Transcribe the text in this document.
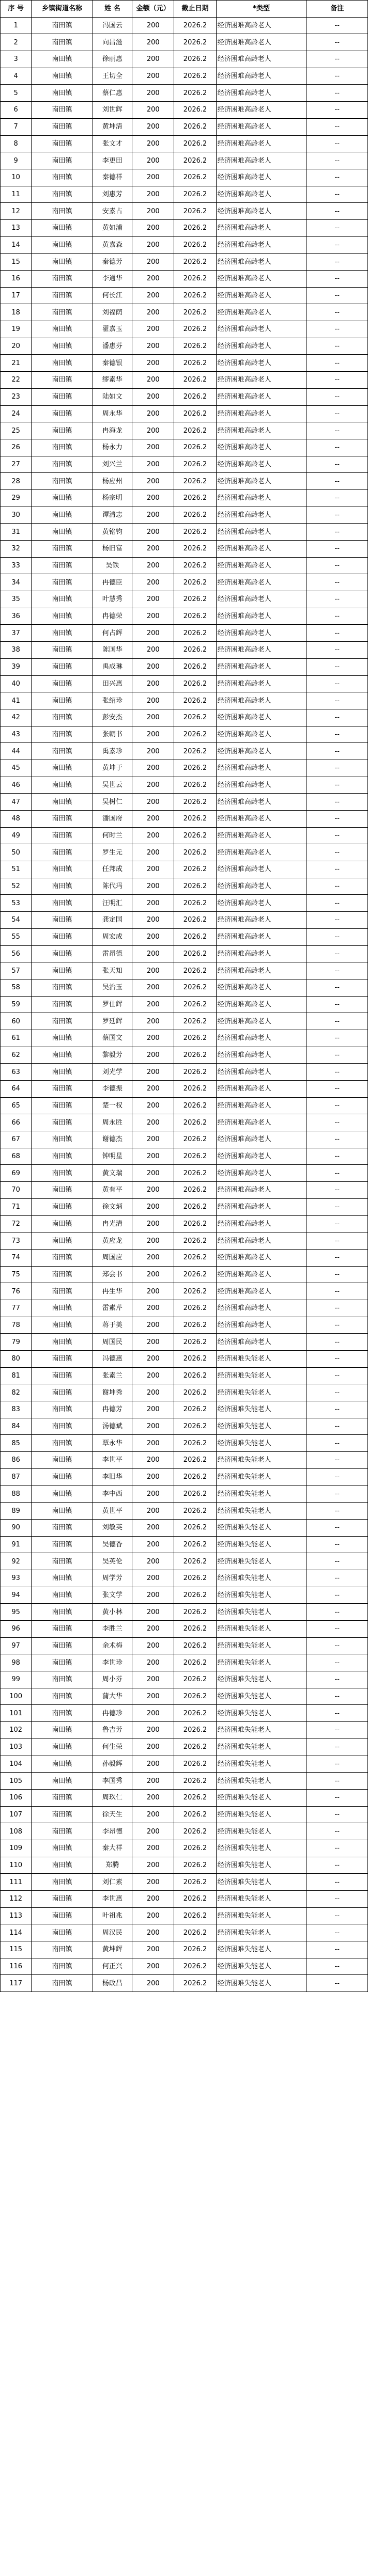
序 号	乡镇街道名称	姓 名	金额（元）	截止日期	*类型	备注
1	南田镇	冯国云	200	2026.2	经济困难高龄老人	--
2	南田镇	向昌滋	200	2026.2	经济困难高龄老人	--
3	南田镇	徐丽惠	200	2026.2	经济困难高龄老人	--
4	南田镇	王切全	200	2026.2	经济困难高龄老人	--
5	南田镇	蔡仁惠	200	2026.2	经济困难高龄老人	--
6	南田镇	刘世辉	200	2026.2	经济困难高龄老人	--
7	南田镇	黄坤清	200	2026.2	经济困难高龄老人	--
8	南田镇	张文才	200	2026.2	经济困难高龄老人	--
9	南田镇	李更田	200	2026.2	经济困难高龄老人	--
10	南田镇	秦德祥	200	2026.2	经济困难高龄老人	--
11	南田镇	刘惠芳	200	2026.2	经济困难高龄老人	--
12	南田镇	安素占	200	2026.2	经济困难高龄老人	--
13	南田镇	黄如浦	200	2026.2	经济困难高龄老人	--
14	南田镇	黄嘉森	200	2026.2	经济困难高龄老人	--
15	南田镇	秦德芳	200	2026.2	经济困难高龄老人	--
16	南田镇	李通华	200	2026.2	经济困难高龄老人	--
17	南田镇	何长江	200	2026.2	经济困难高龄老人	--
18	南田镇	刘福荫	200	2026.2	经济困难高龄老人	--
19	南田镇	翟嘉玉	200	2026.2	经济困难高龄老人	--
20	南田镇	潘惠芬	200	2026.2	经济困难高龄老人	--
21	南田镇	秦德银	200	2026.2	经济困难高龄老人	--
22	南田镇	缪素华	200	2026.2	经济困难高龄老人	--
23	南田镇	陆如文	200	2026.2	经济困难高龄老人	--
24	南田镇	周永华	200	2026.2	经济困难高龄老人	--
25	南田镇	冉海龙	200	2026.2	经济困难高龄老人	--
26	南田镇	杨永力	200	2026.2	经济困难高龄老人	--
27	南田镇	刘兴兰	200	2026.2	经济困难高龄老人	--
28	南田镇	杨应州	200	2026.2	经济困难高龄老人	--
29	南田镇	杨宗明	200	2026.2	经济困难高龄老人	--
30	南田镇	谭清志	200	2026.2	经济困难高龄老人	--
31	南田镇	黄铭钧	200	2026.2	经济困难高龄老人	--
32	南田镇	杨旧富	200	2026.2	经济困难高龄老人	--
33	南田镇	吴铁	200	2026.2	经济困难高龄老人	--
34	南田镇	冉德臣	200	2026.2	经济困难高龄老人	--
35	南田镇	叶慧秀	200	2026.2	经济困难高龄老人	--
36	南田镇	冉德荣	200	2026.2	经济困难高龄老人	--
37	南田镇	何占辉	200	2026.2	经济困难高龄老人	--
38	南田镇	陈国华	200	2026.2	经济困难高龄老人	--
39	南田镇	禹成琳	200	2026.2	经济困难高龄老人	--
40	南田镇	田兴惠	200	2026.2	经济困难高龄老人	--
41	南田镇	张绍珍	200	2026.2	经济困难高龄老人	--
42	南田镇	彭安杰	200	2026.2	经济困难高龄老人	--
43	南田镇	张朝书	200	2026.2	经济困难高龄老人	--
44	南田镇	禹素珍	200	2026.2	经济困难高龄老人	--
45	南田镇	黄坤于	200	2026.2	经济困难高龄老人	--
46	南田镇	吴世云	200	2026.2	经济困难高龄老人	--
47	南田镇	吴树仁	200	2026.2	经济困难高龄老人	--
48	南田镇	潘国府	200	2026.2	经济困难高龄老人	--
49	南田镇	何时兰	200	2026.2	经济困难高龄老人	--
50	南田镇	罗生元	200	2026.2	经济困难高龄老人	--
51	南田镇	任邦成	200	2026.2	经济困难高龄老人	--
52	南田镇	陈代玛	200	2026.2	经济困难高龄老人	--
53	南田镇	汪明汇	200	2026.2	经济困难高龄老人	--
54	南田镇	龚定国	200	2026.2	经济困难高龄老人	--
55	南田镇	周宏成	200	2026.2	经济困难高龄老人	--
56	南田镇	雷昂德	200	2026.2	经济困难高龄老人	--
57	南田镇	张天知	200	2026.2	经济困难高龄老人	--
58	南田镇	吴治玉	200	2026.2	经济困难高龄老人	--
59	南田镇	罗仕辉	200	2026.2	经济困难高龄老人	--
60	南田镇	罗廷辉	200	2026.2	经济困难高龄老人	--
61	南田镇	蔡国文	200	2026.2	经济困难高龄老人	--
62	南田镇	黎毅芳	200	2026.2	经济困难高龄老人	--
63	南田镇	刘光学	200	2026.2	经济困难高龄老人	--
64	南田镇	李德振	200	2026.2	经济困难高龄老人	--
65	南田镇	楚一权	200	2026.2	经济困难高龄老人	--
66	南田镇	周永胜	200	2026.2	经济困难高龄老人	--
67	南田镇	谢德杰	200	2026.2	经济困难高龄老人	--
68	南田镇	钟明星	200	2026.2	经济困难高龄老人	--
69	南田镇	黄文瑞	200	2026.2	经济困难高龄老人	--
70	南田镇	黄有平	200	2026.2	经济困难高龄老人	--
71	南田镇	徐文炳	200	2026.2	经济困难高龄老人	--
72	南田镇	冉光清	200	2026.2	经济困难高龄老人	--
73	南田镇	黄应龙	200	2026.2	经济困难高龄老人	--
74	南田镇	周国应	200	2026.2	经济困难高龄老人	--
75	南田镇	郑会书	200	2026.2	经济困难高龄老人	--
76	南田镇	冉生华	200	2026.2	经济困难高龄老人	--
77	南田镇	雷素芹	200	2026.2	经济困难高龄老人	--
78	南田镇	蒋于美	200	2026.2	经济困难高龄老人	--
79	南田镇	周国民	200	2026.2	经济困难高龄老人	--
80	南田镇	冯德惠	200	2026.2	经济困难失能老人	--
81	南田镇	张素兰	200	2026.2	经济困难失能老人	--
82	南田镇	谢坤秀	200	2026.2	经济困难失能老人	--
83	南田镇	冉德芳	200	2026.2	经济困难失能老人	--
84	南田镇	汤德斌	200	2026.2	经济困难失能老人	--
85	南田镇	覃永华	200	2026.2	经济困难失能老人	--
86	南田镇	李世平	200	2026.2	经济困难失能老人	--
87	南田镇	李旧华	200	2026.2	经济困难失能老人	--
88	南田镇	李中西	200	2026.2	经济困难失能老人	--
89	南田镇	黄世平	200	2026.2	经济困难失能老人	--
90	南田镇	刘敏英	200	2026.2	经济困难失能老人	--
91	南田镇	吴德香	200	2026.2	经济困难失能老人	--
92	南田镇	吴英伦	200	2026.2	经济困难失能老人	--
93	南田镇	周学芳	200	2026.2	经济困难失能老人	--
94	南田镇	张文学	200	2026.2	经济困难失能老人	--
95	南田镇	黄小林	200	2026.2	经济困难失能老人	--
96	南田镇	李胜兰	200	2026.2	经济困难失能老人	--
97	南田镇	余术梅	200	2026.2	经济困难失能老人	--
98	南田镇	李世珍	200	2026.2	经济困难失能老人	--
99	南田镇	周小芬	200	2026.2	经济困难失能老人	--
100	南田镇	蒲大华	200	2026.2	经济困难失能老人	--
101	南田镇	冉德珍	200	2026.2	经济困难失能老人	--
102	南田镇	鲁吉芳	200	2026.2	经济困难失能老人	--
103	南田镇	何生荣	200	2026.2	经济困难失能老人	--
104	南田镇	孙毅辉	200	2026.2	经济困难失能老人	--
105	南田镇	李国秀	200	2026.2	经济困难失能老人	--
106	南田镇	周玖仁	200	2026.2	经济困难失能老人	--
107	南田镇	徐天生	200	2026.2	经济困难失能老人	--
108	南田镇	李昂德	200	2026.2	经济困难失能老人	--
109	南田镇	秦大祥	200	2026.2	经济困难失能老人	--
110	南田镇	郑腾	200	2026.2	经济困难失能老人	--
111	南田镇	刘仁素	200	2026.2	经济困难失能老人	--
112	南田镇	李世惠	200	2026.2	经济困难失能老人	--
113	南田镇	叶祖兆	200	2026.2	经济困难失能老人	--
114	南田镇	周汉民	200	2026.2	经济困难失能老人	--
115	南田镇	黄坤辉	200	2026.2	经济困难失能老人	--
116	南田镇	何正兴	200	2026.2	经济困难失能老人	--
117	南田镇	杨政昌	200	2026.2	经济困难失能老人	--
